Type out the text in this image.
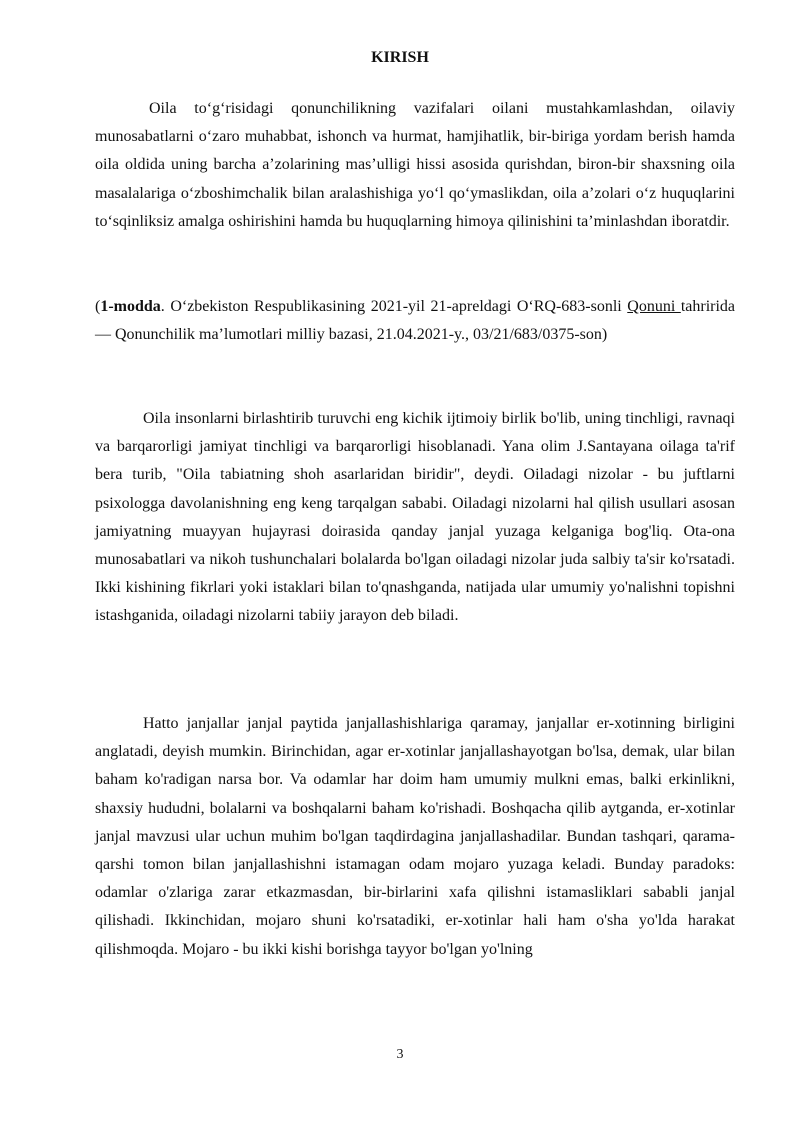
KIRISH

Oila to‘g‘risidagi qonunchilikning vazifalari oilani mustahkamlashdan, oilaviy munosabatlarni o‘zaro muhabbat, ishonch va hurmat, hamjihatlik, bir-biriga yordam berish hamda oila oldida uning barcha a’zolarining mas’ulligi hissi asosida qurishdan, biron-bir shaxsning oila masalalariga o‘zboshimchalik bilan aralashishiga yo‘l qo‘ymaslikdan, oila a’zolari o‘z huquqlarini to‘sqinliksiz amalga oshirishini hamda bu huquqlarning himoya qilinishini ta’minlashdan iboratdir.

(1-modda. O‘zbekiston Respublikasining 2021-yil 21-apreldagi O‘RQ-683-sonli Qonuni tahririda — Qonunchilik ma’lumotlari milliy bazasi, 21.04.2021-y., 03/21/683/0375-son)

Oila insonlarni birlashtirib turuvchi eng kichik ijtimoiy birlik bo'lib, uning tinchligi, ravnaqi va barqarorligi jamiyat tinchligi va barqarorligi hisoblanadi. Yana olim J.Santayana oilaga ta'rif bera turib, "Oila tabiatning shoh asarlaridan biridir", deydi. Oiladagi nizolar - bu juftlarni psixologga davolanishning eng keng tarqalgan sababi. Oiladagi nizolarni hal qilish usullari asosan jamiyatning muayyan hujayrasi doirasida qanday janjal yuzaga kelganiga bog'liq. Ota-ona munosabatlari va nikoh tushunchalari bolalarda bo'lgan oiladagi nizolar juda salbiy ta'sir ko'rsatadi. Ikki kishining fikrlari yoki istaklari bilan to'qnashganda, natijada ular umumiy yo'nalishni topishni istashganida, oiladagi nizolarni tabiiy jarayon deb biladi.

Hatto janjallar janjal paytida janjallashishlariga qaramay, janjallar er-xotinning birligini anglatadi, deyish mumkin. Birinchidan, agar er-xotinlar janjallashayotgan bo'lsa, demak, ular bilan baham ko'radigan narsa bor. Va odamlar har doim ham umumiy mulkni emas, balki erkinlikni, shaxsiy hududni, bolalarni va boshqalarni baham ko'rishadi. Boshqacha qilib aytganda, er-xotinlar janjal mavzusi ular uchun muhim bo'lgan taqdirdagina janjallashadilar. Bundan tashqari, qarama-qarshi tomon bilan janjallashishni istamagan odam mojaro yuzaga keladi. Bunday paradoks: odamlar o'zlariga zarar etkazmasdan, bir-birlarini xafa qilishni istamasliklari sababli janjal qilishadi. Ikkinchidan, mojaro shuni ko'rsatadiki, er-xotinlar hali ham o'sha yo'lda harakat qilishmoqda. Mojaro - bu ikki kishi borishga tayyor bo'lgan yo'lning

3
